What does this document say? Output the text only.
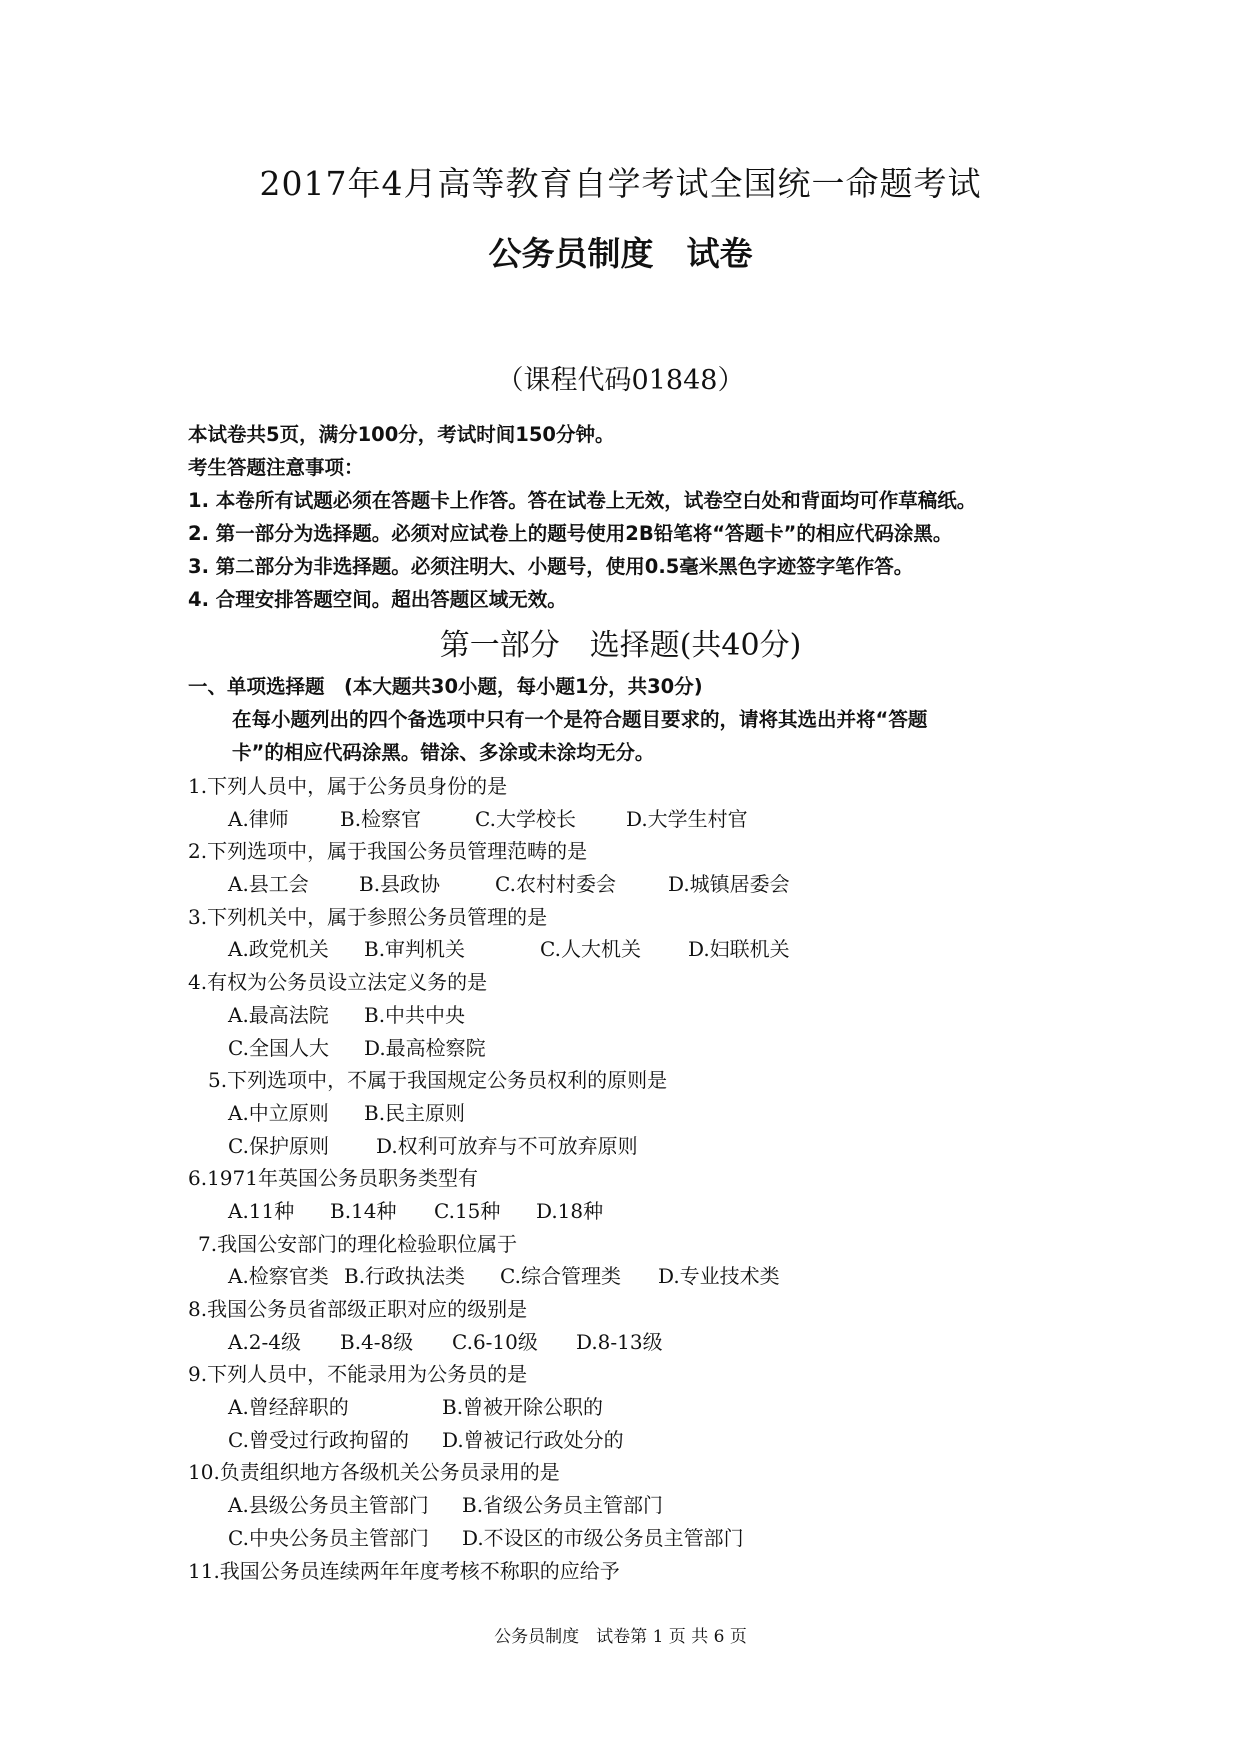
2017年4月高等教育自学考试全国统一命题考试
公务员制度　试卷
（课程代码01848）
本试卷共5页，满分100分，考试时间150分钟。
考生答题注意事项：
1. 本卷所有试题必须在答题卡上作答。答在试卷上无效，试卷空白处和背面均可作草稿纸。
2. 第一部分为选择题。必须对应试卷上的题号使用2B铅笔将“答题卡”的相应代码涂黑。
3. 第二部分为非选择题。必须注明大、小题号，使用0.5毫米黑色字迹签字笔作答。
4. 合理安排答题空间。超出答题区域无效。
第一部分　选择题(共40分)
一、单项选择题　(本大题共30小题，每小题1分，共30分)
在每小题列出的四个备选项中只有一个是符合题目要求的，请将其选出并将“答题
卡”的相应代码涂黑。错涂、多涂或未涂均无分。
1.下列人员中，属于公务员身份的是
A.律师	B.检察官	C.大学校长	D.大学生村官
2.下列选项中，属于我国公务员管理范畴的是
A.县工会	B.县政协	C.农村村委会	D.城镇居委会
3.下列机关中，属于参照公务员管理的是
A.政党机关 B.审判机关	C.人大机关 D.妇联机关
4.有权为公务员设立法定义务的是
A.最高法院 B.中共中央
C.全国人大 D.最高检察院
5.下列选项中，不属于我国规定公务员权利的原则是
A.中立原则 B.民主原则
C.保护原则 D.权利可放弃与不可放弃原则
6.1971年英国公务员职务类型有
A.11种 B.14种 C.15种 D.18种
7.我国公安部门的理化检验职位属于
A.检察官类 B.行政执法类 C.综合管理类 D.专业技术类
8.我国公务员省部级正职对应的级别是
A.2-4级 B.4-8级 C.6-10级 D.8-13级
9.下列人员中，不能录用为公务员的是
A.曾经辞职的	B.曾被开除公职的
C.曾受过行政拘留的 D.曾被记行政处分的
10.负责组织地方各级机关公务员录用的是
A.县级公务员主管部门 B.省级公务员主管部门
C.中央公务员主管部门 D.不设区的市级公务员主管部门
11.我国公务员连续两年年度考核不称职的应给予
公务员制度　试卷第 1 页 共 6 页
